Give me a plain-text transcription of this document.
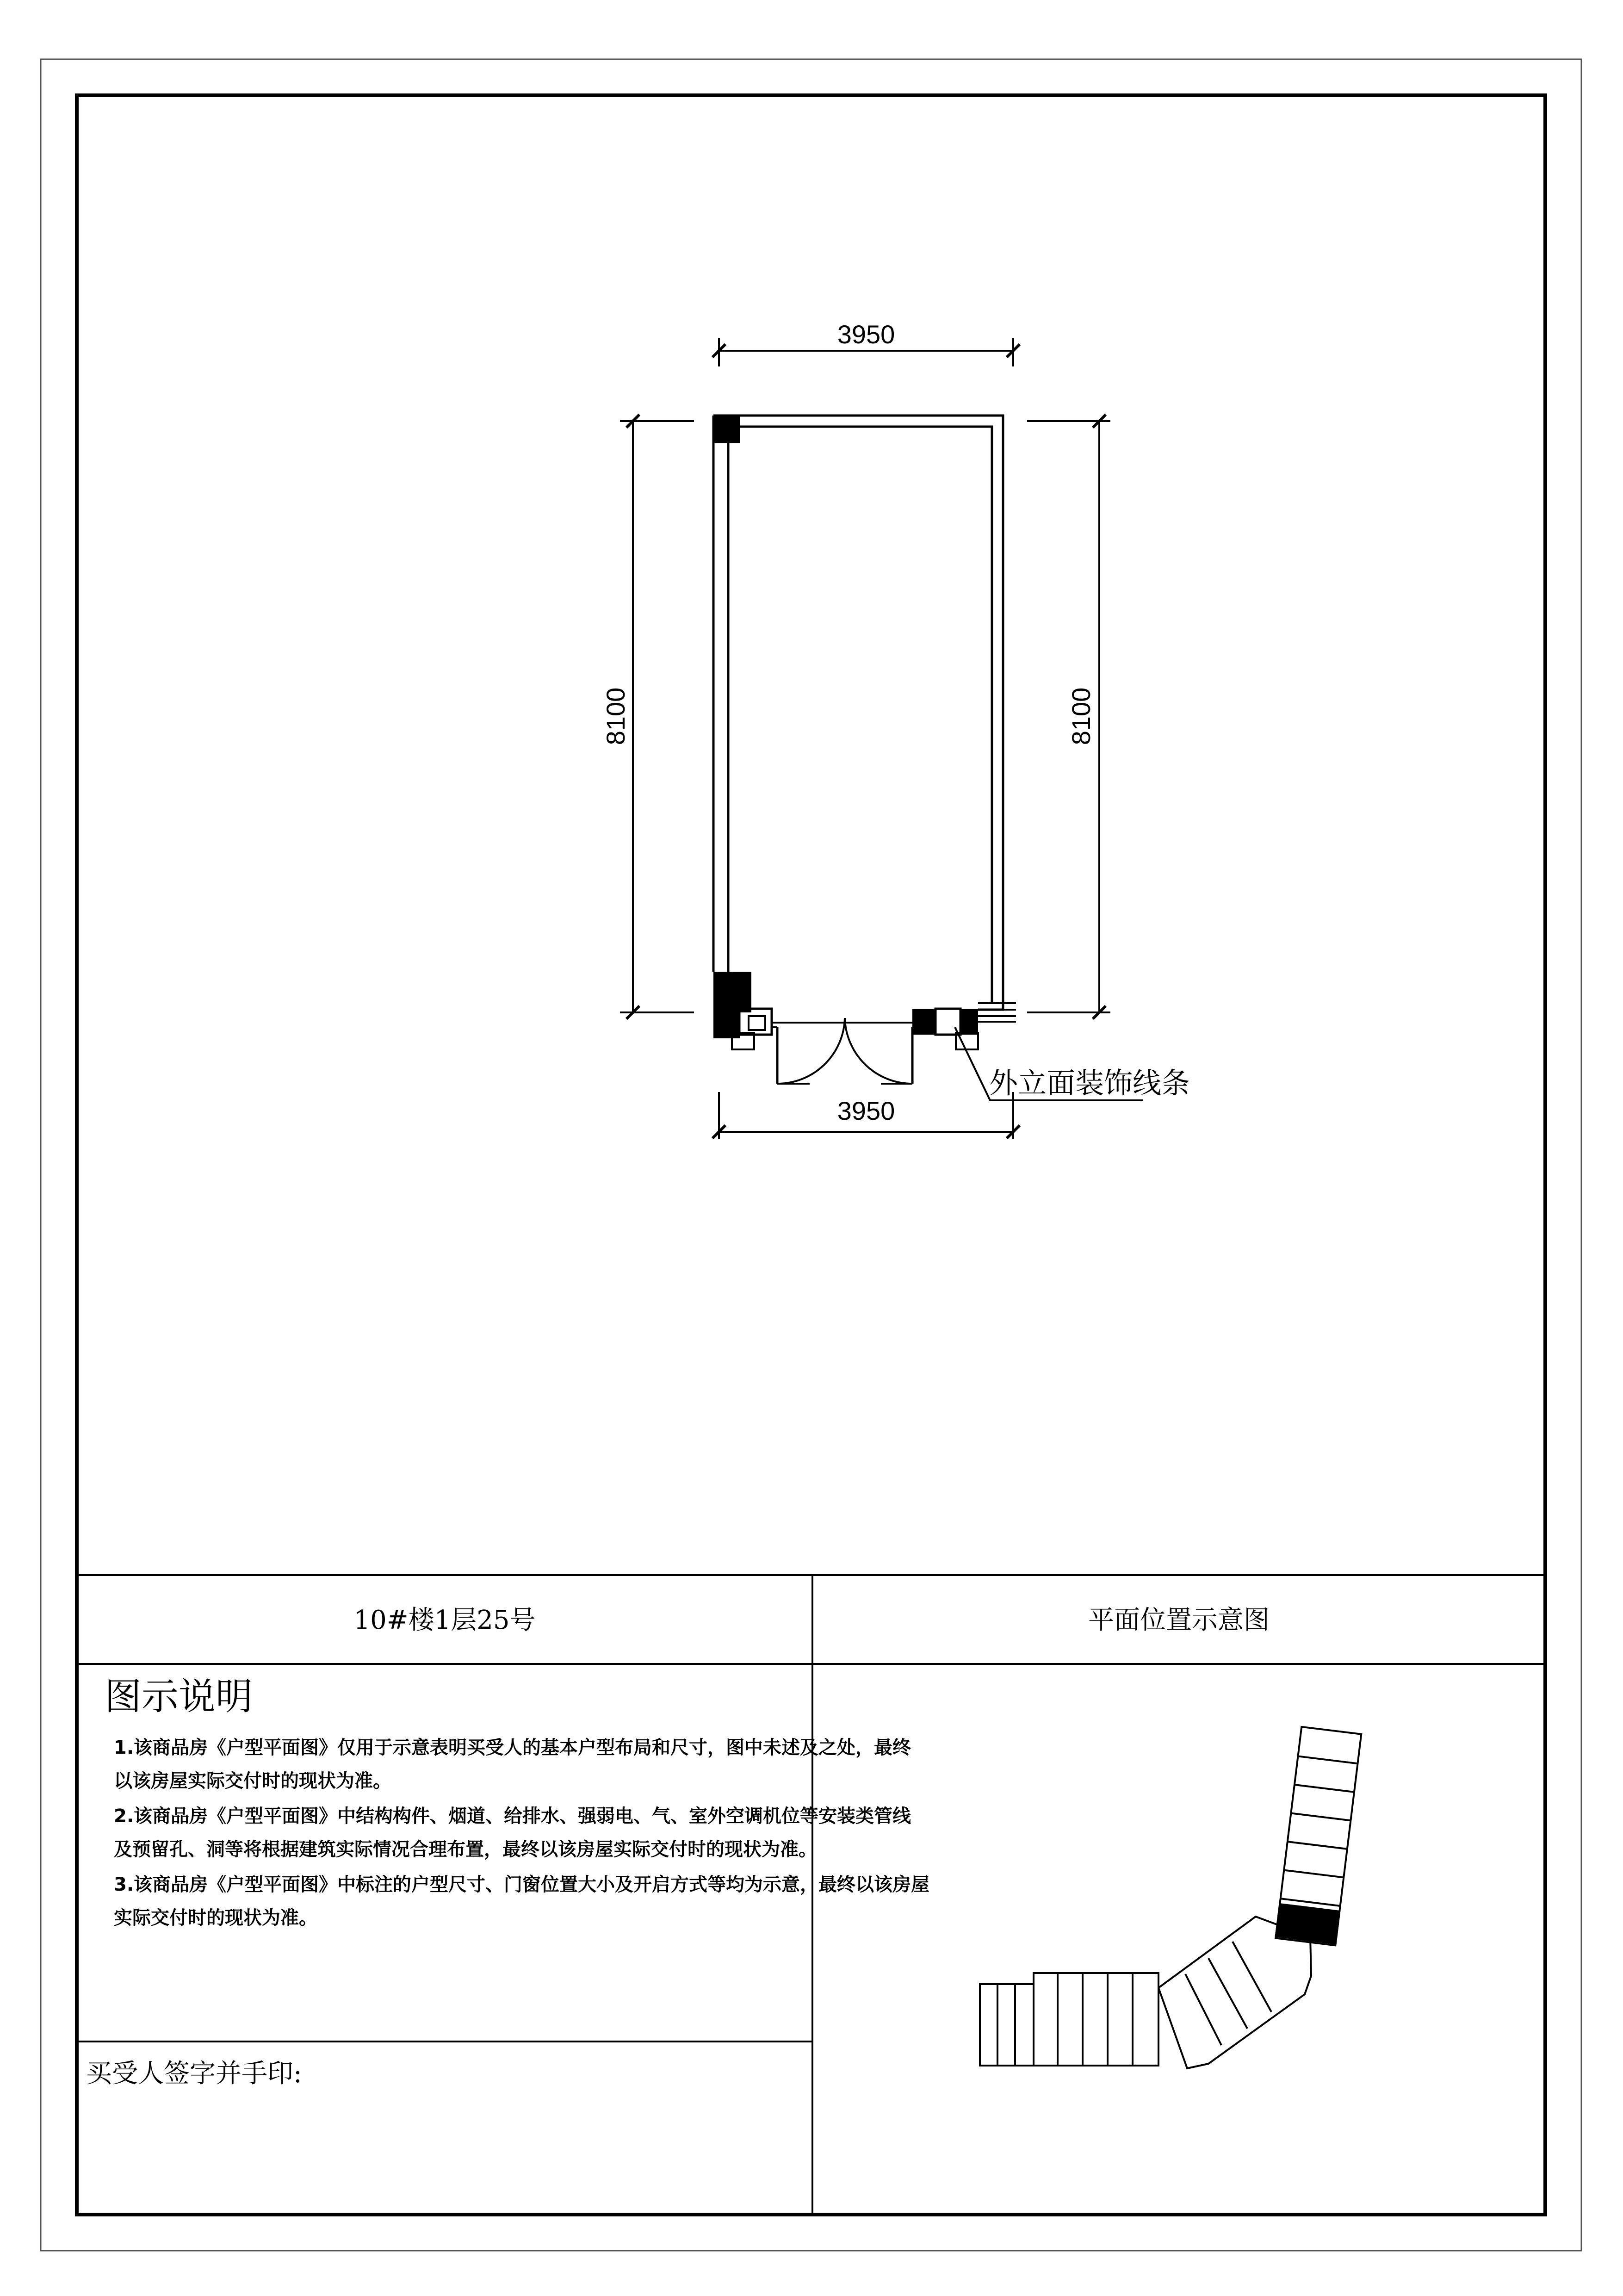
外立面装饰线条
3950
3950
8100	8100
10#楼1层25号	平面位置示意图
图示说明
1.该商品房《户型平面图》仅用于示意表明买受人的基本户型布局和尺寸，图中未述及之处，最终
以该房屋实际交付时的现状为准。
2.该商品房《户型平面图》中结构构件、烟道、给排水、强弱电、气、室外空调机位等安装类管线
及预留孔、洞等将根据建筑实际情况合理布置，最终以该房屋实际交付时的现状为准。
3.该商品房《户型平面图》中标注的户型尺寸、门窗位置大小及开启方式等均为示意，最终以该房屋
实际交付时的现状为准。
买受人签字并手印:
